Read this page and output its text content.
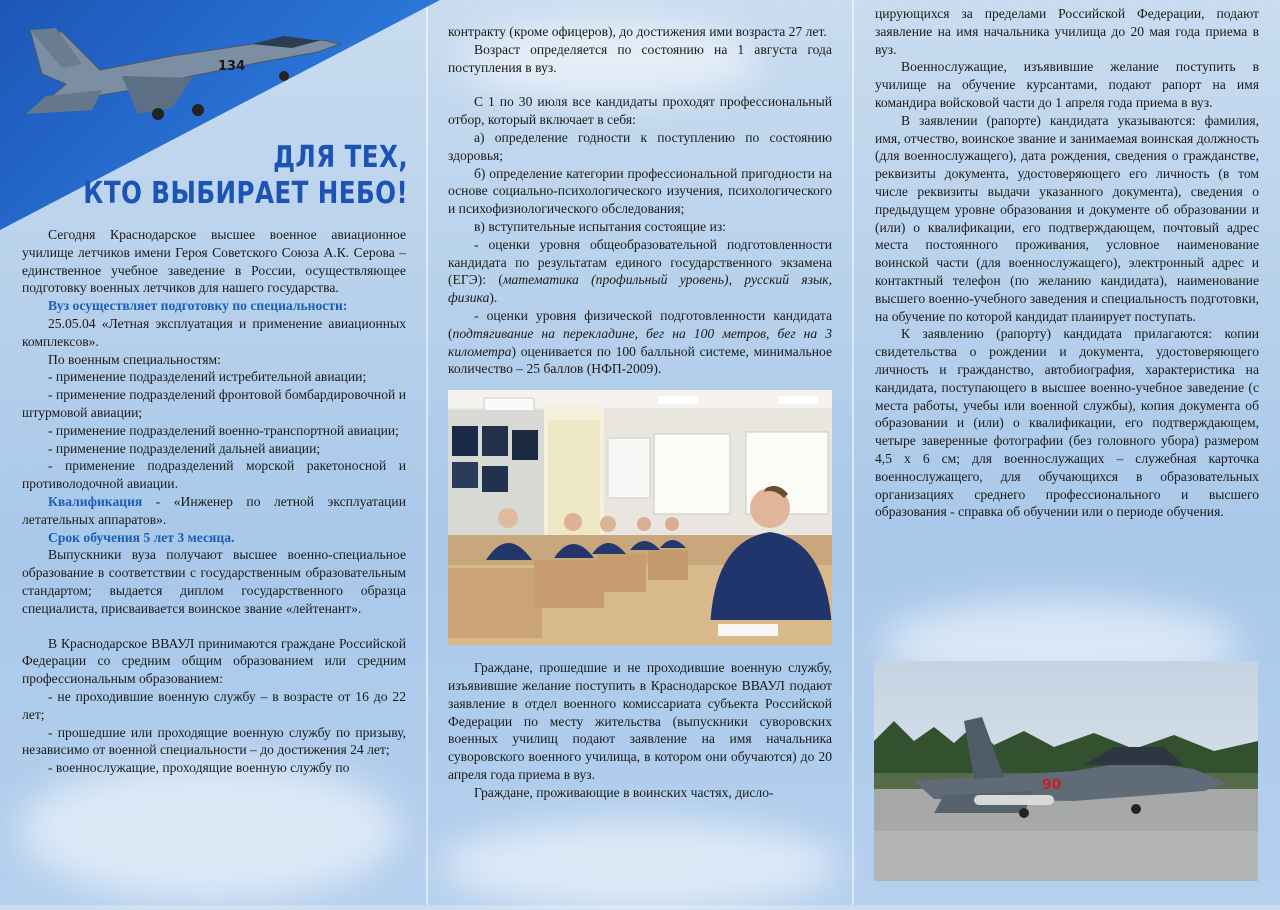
134
ДЛЯ ТЕХ,
КТО ВЫБИРАЕТ НЕБО!

Сегодня Краснодарское высшее военное авиационное училище летчиков имени Героя Советского Союза А.К. Серова – единственное учебное заведение в России, осуществляющее подготовку военных летчиков для нашего государства.

Вуз осуществляет подготовку по специальности:

25.05.04 «Летная эксплуатация и применение авиационных комплексов».

По военным специальностям:

- применение подразделений истребительной авиации;

- применение подразделений фронтовой бомбардировочной и штурмовой авиации;

- применение подразделений военно-транспортной авиации;

- применение подразделений дальней авиации;

- применение подразделений морской ракетоносной и противолодочной авиации.

Квалификация - «Инженер по летной эксплуатации летательных аппаратов».

Срок обучения 5 лет 3 месяца.

Выпускники вуза получают высшее военно-специальное образование в соответствии с государственным образовательным стандартом; выдается диплом государственного образца специалиста, присваивается воинское звание «лейтенант».

В Краснодарское ВВАУЛ принимаются граждане Российской Федерации со средним общим образованием или средним профессиональным образованием:

- не проходившие военную службу – в возрасте от 16 до 22 лет;

- прошедшие или проходящие военную службу по призыву, независимо от военной специальности – до достижения 24 лет;

- военнослужащие, проходящие военную службу по

контракту (кроме офицеров), до достижения ими возраста 27 лет.

Возраст определяется по состоянию на 1 августа года поступления в вуз.

С 1 по 30 июля все кандидаты проходят профессиональный отбор, который включает в себя:

а) определение годности к поступлению по состоянию здоровья;

б) определение категории профессиональной пригодности на основе социально-психологического изучения, психологического и психофизиологического обследования;

в) вступительные испытания состоящие из:

- оценки уровня общеобразовательной подготовленности кандидата по результатам единого государственного экзамена (ЕГЭ): (математика (профильный уровень), русский язык, физика).

- оценки уровня физической подготовленности кандидата (подтягивание на перекладине, бег на 100 метров, бег на 3 километра) оценивается по 100 балльной системе, минимальное количество – 25 баллов (НФП-2009).

Граждане, прошедшие и не проходившие военную службу, изъявившие желание поступить в Краснодарское ВВАУЛ подают заявление в отдел военного комиссариата субъекта Российской Федерации по месту жительства (выпускники суворовских военных училищ подают заявление на имя начальника суворовского военного училища, в котором они обучаются) до 20 апреля года приема в вуз.

Граждане, проживающие в воинских частях, дисло-

цирующихся за пределами Российской Федерации, подают заявление на имя начальника училища до 20 мая года приема в вуз.

Военнослужащие, изъявившие желание поступить в училище на обучение курсантами, подают рапорт на имя командира войсковой части до 1 апреля года приема в вуз.

В заявлении (рапорте) кандидата указываются: фамилия, имя, отчество, воинское звание и занимаемая воинская должность (для военнослужащего), дата рождения, сведения о гражданстве, реквизиты документа, удостоверяющего его личность (в том числе реквизиты выдачи указанного документа), сведения о предыдущем уровне образования и документе об образовании и (или) о квалификации, его подтверждающем, почтовый адрес места постоянного проживания, условное наименование воинской части (для военнослужащего), электронный адрес и контактный телефон (по желанию кандидата), наименование высшего военно-учебного заведения и специальность подготовки, на обучение по которой кандидат планирует поступать.

К заявлению (рапорту) кандидата прилагаются: копии свидетельства о рождении и документа, удостоверяющего личность и гражданство, автобиография, характеристика на кандидата, поступающего в высшее военно-учебное заведение (с места работы, учебы или военной службы), копия документа об образовании и (или) о квалификации, его подтверждающем, четыре заверенные фотографии (без головного убора) размером 4,5 x 6 см; для военнослужащих – служебная карточка военнослужащего, для обучающихся в образовательных организациях среднего профессионального и высшего образования - справка об обучении или о периоде обучения.

90
